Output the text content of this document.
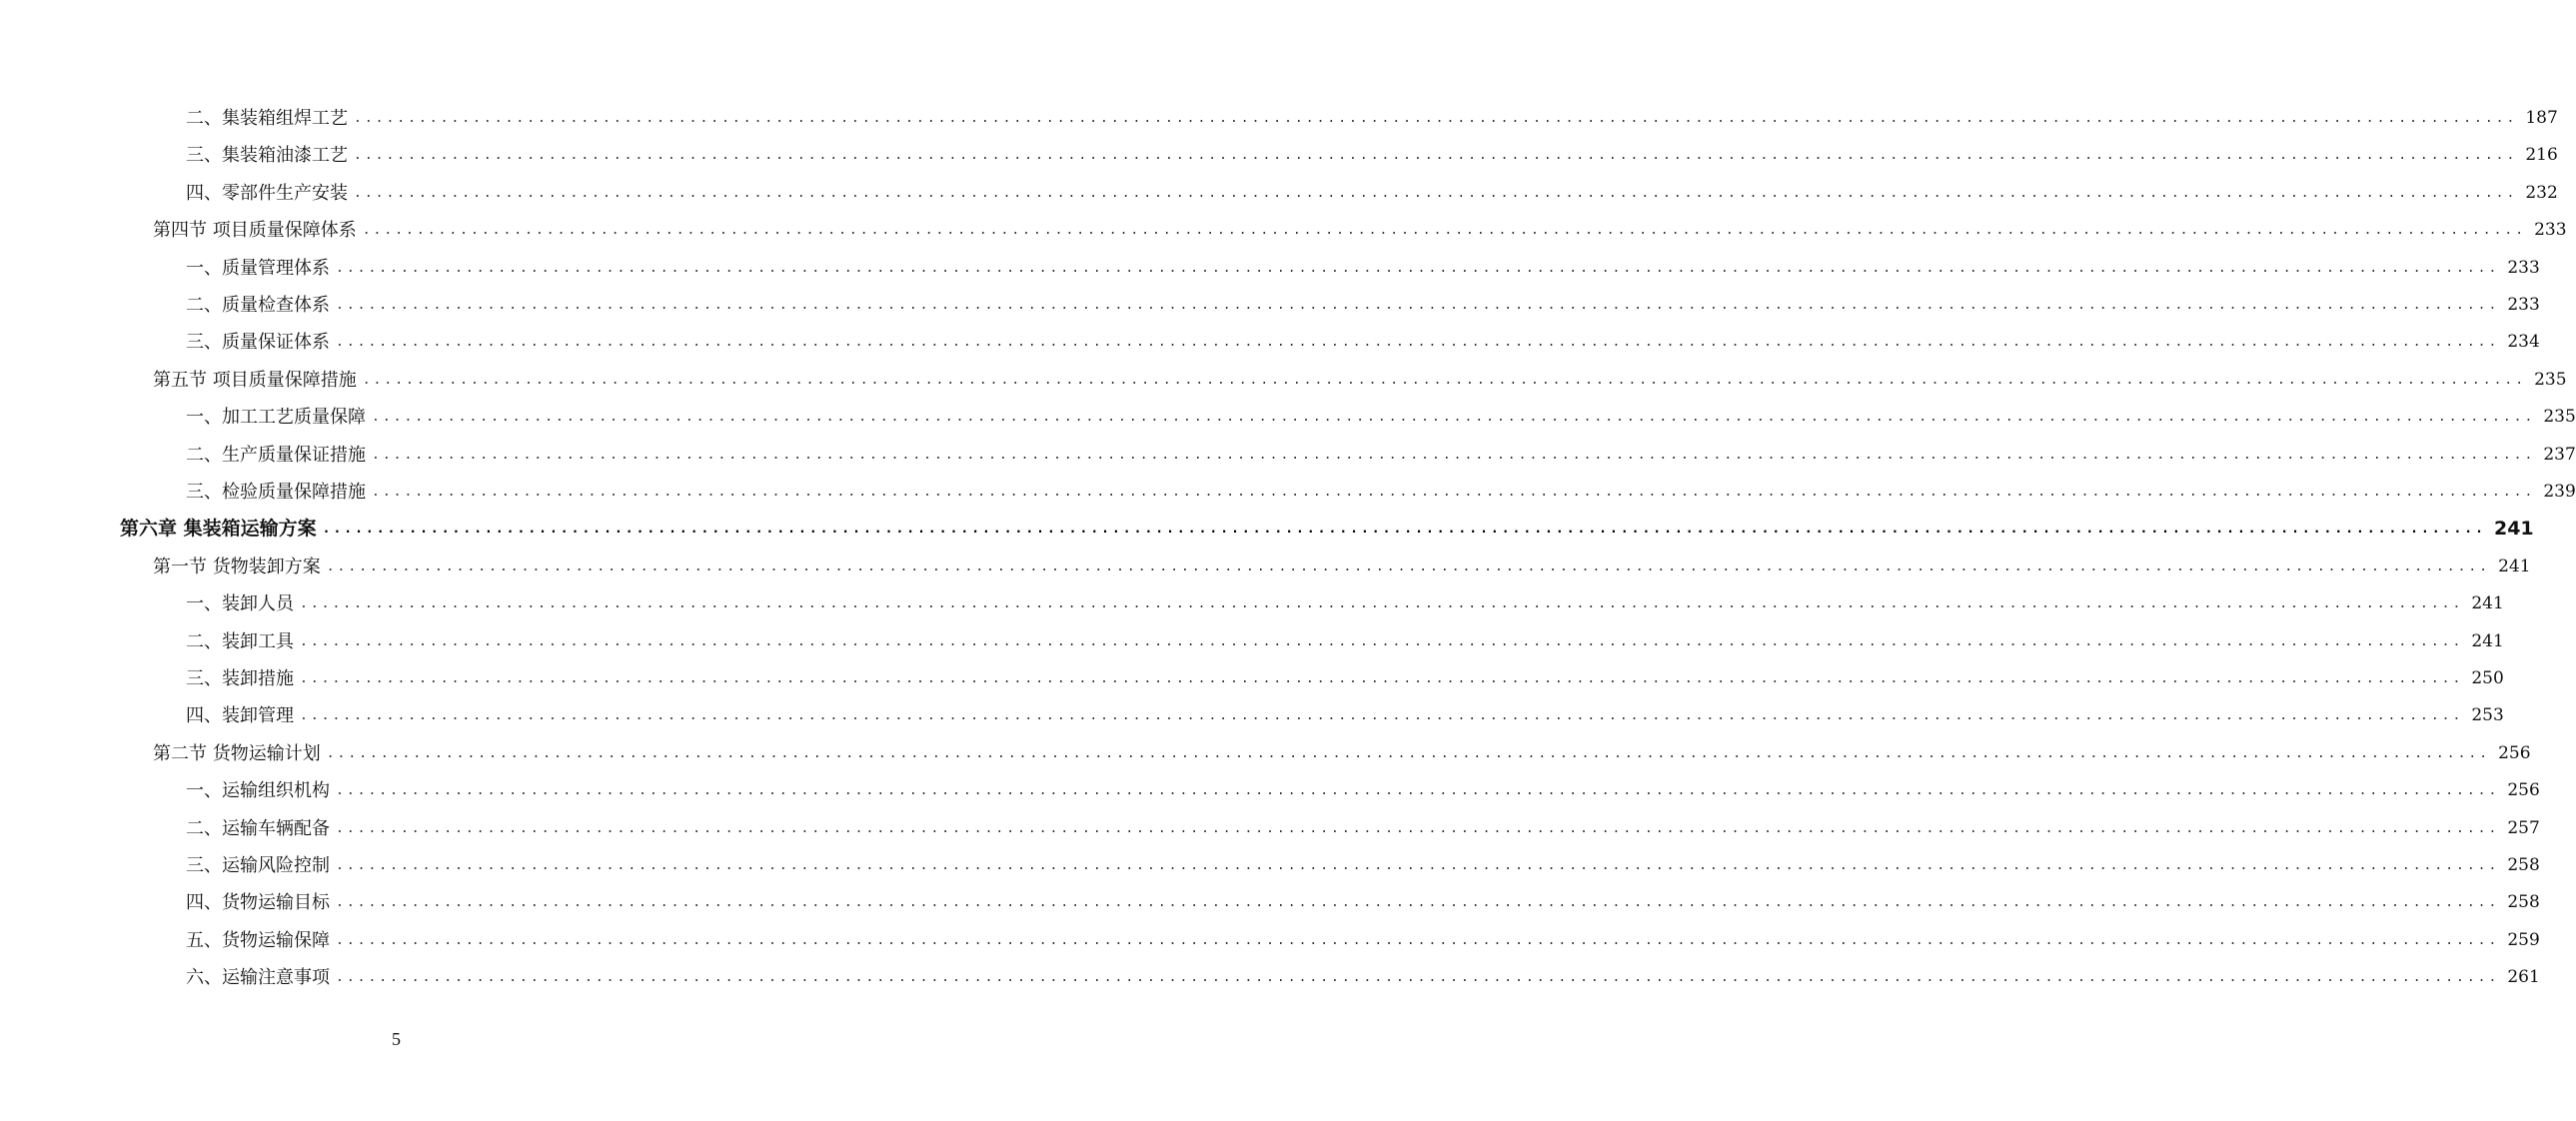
二、集装箱组焊工艺 ........................................................................................................................................................................................................ 187
三、集装箱油漆工艺 ........................................................................................................................................................................................................ 216
四、零部件生产安装 ........................................................................................................................................................................................................ 232
第四节 项目质量保障体系 ........................................................................................................................................................................................................ 233
一、质量管理体系 ........................................................................................................................................................................................................ 233
二、质量检查体系 ........................................................................................................................................................................................................ 233
三、质量保证体系 ........................................................................................................................................................................................................ 234
第五节 项目质量保障措施 ........................................................................................................................................................................................................ 235
一、加工工艺质量保障 ........................................................................................................................................................................................................ 235
二、生产质量保证措施 ........................................................................................................................................................................................................ 237
三、检验质量保障措施 ........................................................................................................................................................................................................ 239
第六章 集装箱运输方案 ........................................................................................................................................................................................................ 241
第一节 货物装卸方案 ........................................................................................................................................................................................................ 241
一、装卸人员 ........................................................................................................................................................................................................ 241
二、装卸工具 ........................................................................................................................................................................................................ 241
三、装卸措施 ........................................................................................................................................................................................................ 250
四、装卸管理 ........................................................................................................................................................................................................ 253
第二节 货物运输计划 ........................................................................................................................................................................................................ 256
一、运输组织机构 ........................................................................................................................................................................................................ 256
二、运输车辆配备 ........................................................................................................................................................................................................ 257
三、运输风险控制 ........................................................................................................................................................................................................ 258
四、货物运输目标 ........................................................................................................................................................................................................ 258
五、货物运输保障 ........................................................................................................................................................................................................ 259
六、运输注意事项 ........................................................................................................................................................................................................ 261
5
